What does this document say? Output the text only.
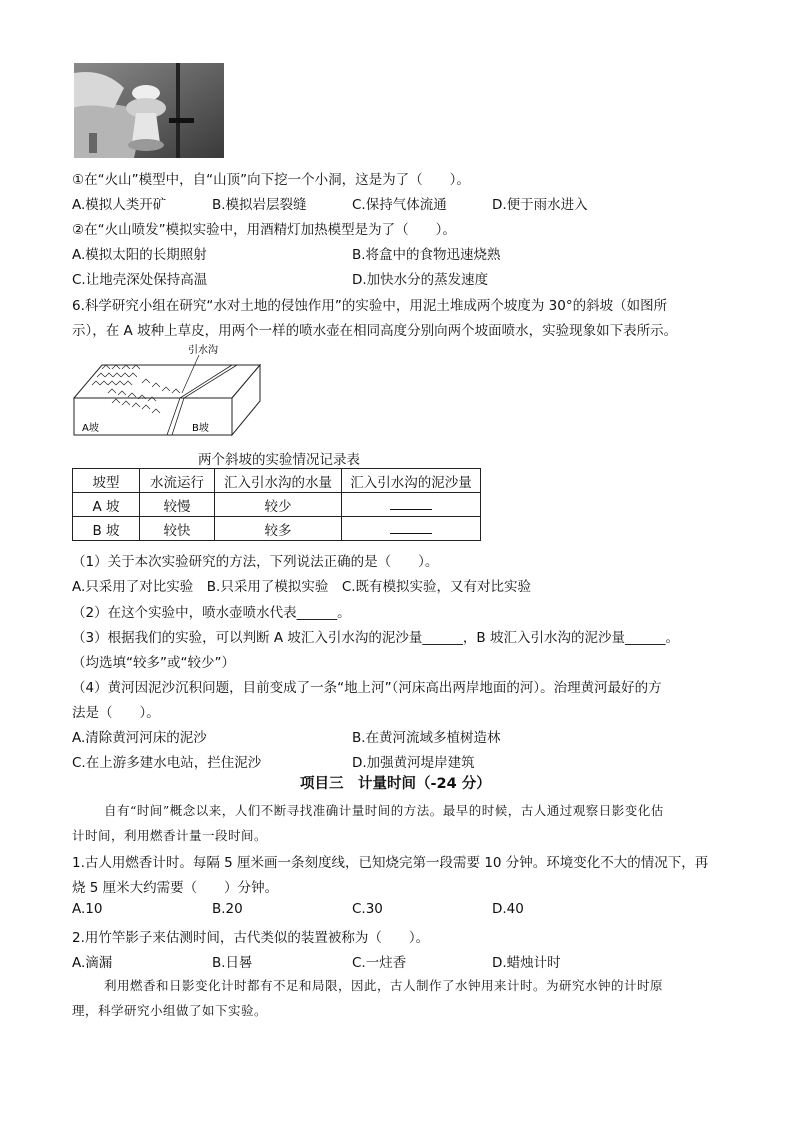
①在“火山”模型中，自“山顶”向下挖一个小洞，这是为了（　　）。
A.模拟人类开矿	B.模拟岩层裂缝	C.保持气体流通	D.便于雨水进入
②在“火山喷发”模拟实验中，用酒精灯加热模型是为了（　　）。
A.模拟太阳的长期照射	B.将盒中的食物迅速烧熟
C.让地壳深处保持高温	D.加快水分的蒸发速度
6.科学研究小组在研究“水对土地的侵蚀作用”的实验中，用泥土堆成两个坡度为 30°的斜坡（如图所
示），在 A 坡种上草皮，用两个一样的喷水壶在相同高度分别向两个坡面喷水，实验现象如下表所示。
引水沟
A坡	B坡
两个斜坡的实验情况记录表
坡型	水流运行	汇入引水沟的水量	汇入引水沟的泥沙量
A 坡	较慢	较少	
B 坡	较快	较多	
（1）关于本次实验研究的方法，下列说法正确的是（　　）。
A.只采用了对比实验　B.只采用了模拟实验　C.既有模拟实验，又有对比实验
（2）在这个实验中，喷水壶喷水代表______。
（3）根据我们的实验，可以判断 A 坡汇入引水沟的泥沙量______，B 坡汇入引水沟的泥沙量______。
（均选填“较多”或“较少”）
（4）黄河因泥沙沉积问题，目前变成了一条“地上河”（河床高出两岸地面的河）。治理黄河最好的方
法是（　　）。
A.清除黄河河床的泥沙	B.在黄河流域多植树造林
C.在上游多建水电站，拦住泥沙	D.加强黄河堤岸建筑
项目三　计量时间（-24 分）
自有“时间”概念以来，人们不断寻找准确计量时间的方法。最早的时候，古人通过观察日影变化估
计时间，利用燃香计量一段时间。
1.古人用燃香计时。每隔 5 厘米画一条刻度线，已知烧完第一段需要 10 分钟。环境变化不大的情况下，再
烧 5 厘米大约需要（　　）分钟。
A.10	B.20	C.30	D.40
2.用竹竿影子来估测时间，古代类似的装置被称为（　　）。
A.滴漏	B.日晷	C.一炷香	D.蜡烛计时
利用燃香和日影变化计时都有不足和局限，因此，古人制作了水钟用来计时。为研究水钟的计时原
理，科学研究小组做了如下实验。
